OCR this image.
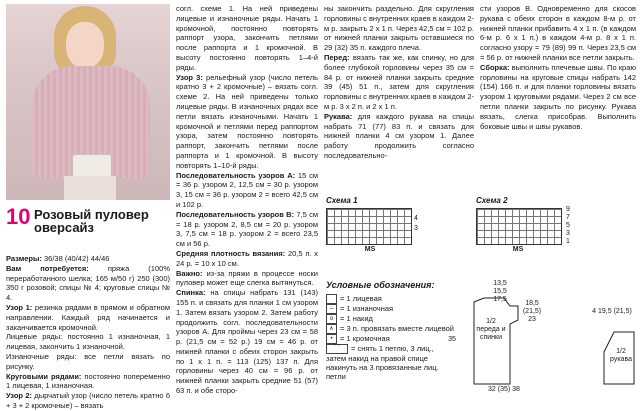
10 Розовый пуловер оверсайз

Размеры: 36/38 (40/42) 44/46

Вам потребуется: пряжа (100% переработанного шелка; 165 м/50 г) 250 (300) 350 г розовой; спицы № 4; круговые спицы № 4.

Узор 1: резинка рядами в прямом и обратном направлении. Каждый ряд начинается и заканчивается кромочной.

Лицевые ряды: постоянно 1 изнаночная, 1 лицевая, закончить 1 изнаночной.

Изнаночные ряды: все петли вязать по рисунку.

Круговыми рядами: постоянно попеременно 1 лицевая, 1 изнаночная.

Узор 2: дырчатый узор (число петель кратно 6 + 3 + 2 кромочные) – вязать

согл. схеме 1. На ней приведены лицевые и изнаночные ряды. Начать 1 кромочной, постоянно повторять раппорт узора, закончить петлями после раппорта и 1 кромочной. В высоту постоянно повторять 1–4-й ряды.

Узор 3: рельефный узор (число петель кратно 3 + 2 кромочные) – вязать согл. схеме 2. На ней приведены только лицевые ряды. В изнаночных рядах все петли вязать изнаночными. Начать 1 кромочной и петлями перед раппортом узора, затем постоянно повторять раппорт, закончить петлями после раппорта и 1 кромочной. В высоту повторять 1–10-й ряды.

Последовательность узоров А: 15 см = 36 р. узором 2, 12,5 см = 30 р. узором 3, 15 см = 36 р. узором 2 = всего 42,5 см и 102 р.

Последовательность узоров В: 7,5 см = 18 р. узором 2, 8,5 см = 20 р. узором 3, 7,5 см = 18 р. узором 2 = всего 23,5 см и 56 р.

Средняя плотность вязания: 20,5 п. х 24 р. = 10 х 10 см.

Важно: из-за пряжи в процессе носки пуловер может еще слегка вытянуться.

Спинка: на спицы набрать 131 (143) 155 п. и связать для планки 1 см узором 1. Затем вязать узором 2. Затем работу продолжить согл. последовательности узоров А. Для проймы через 23 см = 58 р. (21,5 см = 52 р.) 19 см = 46 р. от нижней планки с обеих сторон закрыть по 1 х 1 п. = 113 (125) 137 п. Для горловины через 40 см = 96 р. от нижней планки закрыть средние 51 (57) 63 п. и обе сторо-

ны закончить раздельно. Для скругления горловины с внутренних краев в каждом 2-м р. закрыть 2 х 1 п. Через 42,5 см = 102 р. от нижней планки закрыть оставшиеся по 29 (32) 35 п. каждого плеча.

Перед: вязать так же, как спинку, но для более глубокой горловины через 35 см = 84 р. от нижней планки закрыть средние 39 (45) 51 п., затем для скругления горловины с внутренних краев в каждом 2-м р. 3 х 2 п. и 2 х 1 п.

Рукава: для каждого рукава на спицы набрать 71 (77) 83 п. и связать для нижней планки 4 см узором 1. Далее работу продолжить согласно последовательно-

сти узоров В. Одновременно для скосов рукава с обеих сторон в каждом 8-м р. от нижней планки прибавить 4 х 1 п. (в каждом 6-м р. 6 х 1 п.) в каждом 4-м р. 8 х 1 п. согласно узору = 79 (89) 99 п. Через 23,5 см = 56 р. от нижней планки все петли закрыть.

Сборка: выполнить плечевые швы. По краю горловины на круговые спицы набрать 142 (154) 166 п. и для планки горловины вязать узором 1 круговыми рядами. Через 2 см все петли планки закрыть по рисунку. Рукава вязать, слегка присобрав. Выполнить боковые швы и швы рукавов.

Схема 1
MS
Схема 2
MS
9
7
5
3
1
4
3
Условные обозначения:
= 1 лицевая
– = 1 изнаночная
o = 1 накид
∧ = 3 п. провязать вместе лицевой
• = 1 кромочная
⌒ = снять 1 петлю, 3 лиц., затем накид на правой спице накинуть на 3 провязанные лиц. петли
1/2 переда и спинки
1/2 рукава
32 (35) 38
13,5
15,5
17,5
35
18,5
(21,5)
23
4 19,5 (21,5)
